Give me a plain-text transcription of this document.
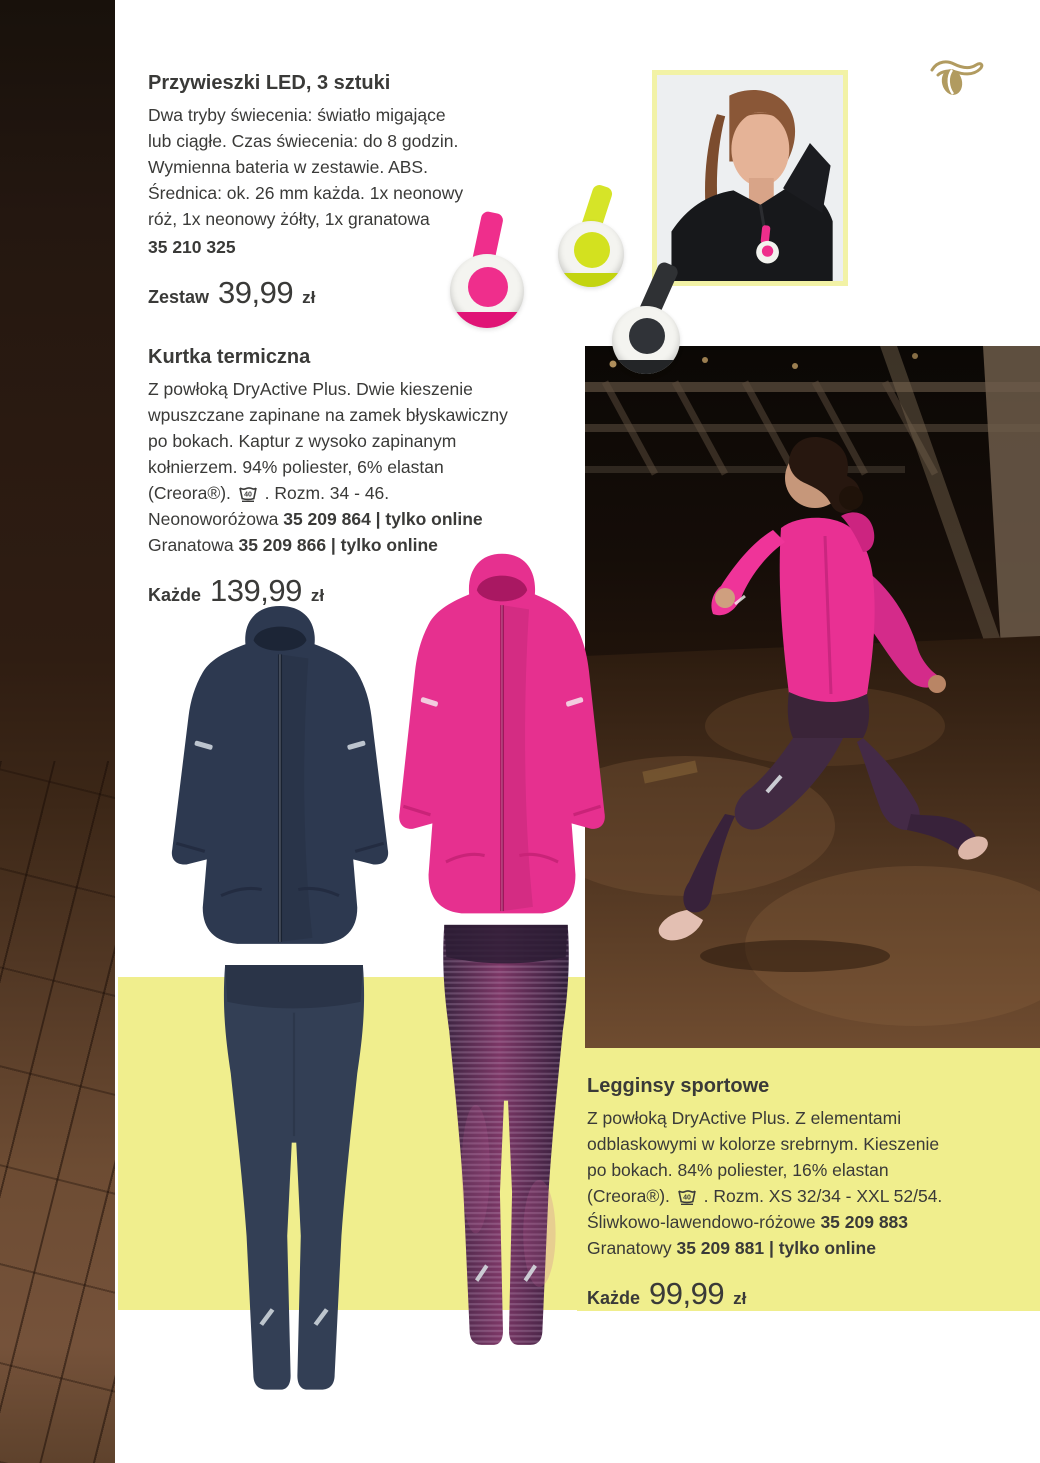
Przywieszki LED, 3 sztuki

Dwa tryby świecenia: światło migające

lub ciągłe. Czas świecenia: do 8 godzin.

Wymienna bateria w zestawie. ABS.

Średnica: ok. 26 mm każda. 1x neonowy

róż, 1x neonowy żółty, 1x granatowa

35 210 325

Zestaw 39,99 zł
Kurtka termiczna

Z powłoką DryActive Plus. Dwie kieszenie

wpuszczane zapinane na zamek błyskawiczny

po bokach. Kaptur z wysoko zapinanym

kołnierzem. 94% poliester, 6% elastan

(Creora®). 40 . Rozm. 34 - 46.

Neonoworóżowa 35 209 864 | tylko online

Granatowa 35 209 866 | tylko online

Każde 139,99 zł
Legginsy sportowe

Z powłoką DryActive Plus. Z elementami

odblaskowymi w kolorze srebrnym. Kieszenie

po bokach. 84% poliester, 16% elastan

(Creora®). 40 . Rozm. XS 32/34 - XXL 52/54.

Śliwkowo-lawendowo-różowe 35 209 883

Granatowy 35 209 881 | tylko online

Każde 99,99 zł
